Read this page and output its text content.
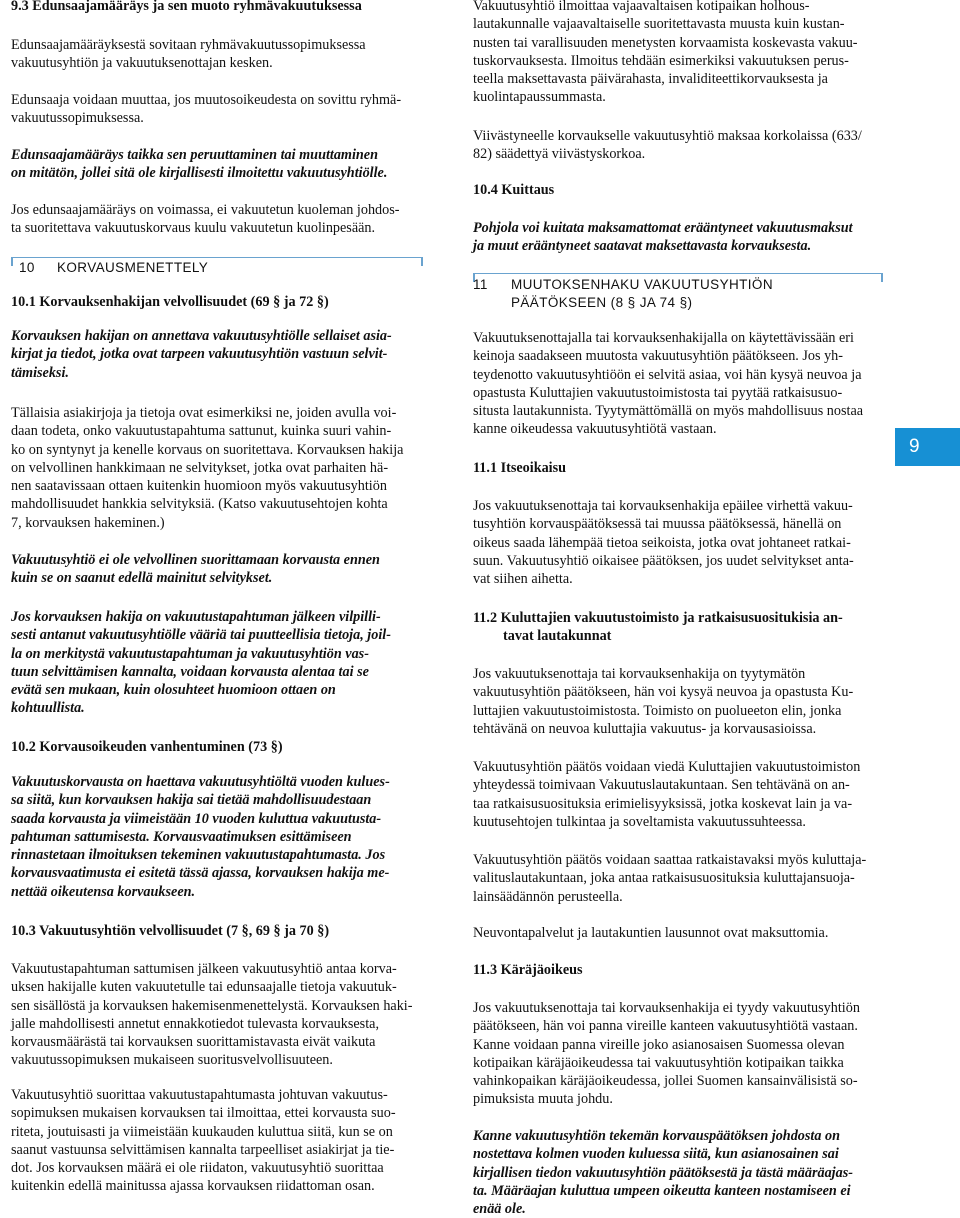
9.3 Edunsaajamääräys ja sen muoto ryhmävakuutuksessa

Edunsaajamääräyksestä sovitaan ryhmävakuutussopimuksessa
vakuutusyhtiön ja vakuutuksenottajan kesken.

Edunsaaja voidaan muuttaa, jos muutosoikeudesta on sovittu ryhmä-
vakuutussopimuksessa.

Edunsaajamääräys taikka sen peruuttaminen tai muuttaminen
on mitätön, jollei sitä ole kirjallisesti ilmoitettu vakuutusyhtiölle.

Jos edunsaajamääräys on voimassa, ei vakuutetun kuoleman johdos-
ta suoritettava vakuutuskorvaus kuulu vakuutetun kuolinpesään.

10 KORVAUSMENETTELY

10.1 Korvauksenhakijan velvollisuudet (69 § ja 72 §)

Korvauksen hakijan on annettava vakuutusyhtiölle sellaiset asia-
kirjat ja tiedot, jotka ovat tarpeen vakuutusyhtiön vastuun selvit-
tämiseksi.

Tällaisia asiakirjoja ja tietoja ovat esimerkiksi ne, joiden avulla voi-
daan todeta, onko vakuutustapahtuma sattunut, kuinka suuri vahin-
ko on syntynyt ja kenelle korvaus on suoritettava. Korvauksen hakija
on velvollinen hankkimaan ne selvitykset, jotka ovat parhaiten hä-
nen saatavissaan ottaen kuitenkin huomioon myös vakuutusyhtiön
mahdollisuudet hankkia selvityksiä. (Katso vakuutusehtojen kohta
7, korvauksen hakeminen.)

Vakuutusyhtiö ei ole velvollinen suorittamaan korvausta ennen
kuin se on saanut edellä mainitut selvitykset.

Jos korvauksen hakija on vakuutustapahtuman jälkeen vilpilli-
sesti antanut vakuutusyhtiölle vääriä tai puutteellisia tietoja, joil-
la on merkitystä vakuutustapahtuman ja vakuutusyhtiön vas-
tuun selvittämisen kannalta, voidaan korvausta alentaa tai se
evätä sen mukaan, kuin olosuhteet huomioon ottaen on
kohtuullista.

10.2 Korvausoikeuden vanhentuminen (73 §)

Vakuutuskorvausta on haettava vakuutusyhtiöltä vuoden kulues-
sa siitä, kun korvauksen hakija sai tietää mahdollisuudestaan
saada korvausta ja viimeistään 10 vuoden kuluttua vakuutusta-
pahtuman sattumisesta. Korvausvaatimuksen esittämiseen
rinnastetaan ilmoituksen tekeminen vakuutustapahtumasta. Jos
korvausvaatimusta ei esitetä tässä ajassa, korvauksen hakija me-
nettää oikeutensa korvaukseen.

10.3 Vakuutusyhtiön velvollisuudet (7 §, 69 § ja 70 §)

Vakuutustapahtuman sattumisen jälkeen vakuutusyhtiö antaa korva-
uksen hakijalle kuten vakuutetulle tai edunsaajalle tietoja vakuutuk-
sen sisällöstä ja korvauksen hakemisenmenettelystä. Korvauksen haki-
jalle mahdollisesti annetut ennakkotiedot tulevasta korvauksesta,
korvausmäärästä tai korvauksen suorittamistavasta eivät vaikuta
vakuutussopimuksen mukaiseen suoritusvelvollisuuteen.

Vakuutusyhtiö suorittaa vakuutustapahtumasta johtuvan vakuutus-
sopimuksen mukaisen korvauksen tai ilmoittaa, ettei korvausta suo-
riteta, joutuisasti ja viimeistään kuukauden kuluttua siitä, kun se on
saanut vastuunsa selvittämisen kannalta tarpeelliset asiakirjat ja tie-
dot. Jos korvauksen määrä ei ole riidaton, vakuutusyhtiö suorittaa
kuitenkin edellä mainitussa ajassa korvauksen riidattoman osan.

Vakuutusyhtiö ilmoittaa vajaavaltaisen kotipaikan holhous-
lautakunnalle vajaavaltaiselle suoritettavasta muusta kuin kustan-
nusten tai varallisuuden menetysten korvaamista koskevasta vakuu-
tuskorvauksesta. Ilmoitus tehdään esimerkiksi vakuutuksen perus-
teella maksettavasta päivärahasta, invaliditeettikorvauksesta ja
kuolintapaussummasta.

Viivästyneelle korvaukselle vakuutusyhtiö maksaa korkolaissa (633/
82) säädettyä viivästyskorkoa.

10.4 Kuittaus

Pohjola voi kuitata maksamattomat erääntyneet vakuutusmaksut
ja muut erääntyneet saatavat maksettavasta korvauksesta.

11 MUUTOKSENHAKU VAKUUTUSYHTIÖN
PÄÄTÖKSEEN (8 § JA 74 §)

Vakuutuksenottajalla tai korvauksenhakijalla on käytettävissään eri
keinoja saadakseen muutosta vakuutusyhtiön päätökseen. Jos yh-
teydenotto vakuutusyhtiöön ei selvitä asiaa, voi hän kysyä neuvoa ja
opastusta Kuluttajien vakuutustoimistosta tai pyytää ratkaisusuo-
situsta lautakunnista. Tyytymättömällä on myös mahdollisuus nostaa
kanne oikeudessa vakuutusyhtiötä vastaan.

11.1 Itseoikaisu

Jos vakuutuksenottaja tai korvauksenhakija epäilee virhettä vakuu-
tusyhtiön korvauspäätöksessä tai muussa päätöksessä, hänellä on
oikeus saada lähempää tietoa seikoista, jotka ovat johtaneet ratkai-
suun. Vakuutusyhtiö oikaisee päätöksen, jos uudet selvitykset anta-
vat siihen aihetta.

11.2 Kuluttajien vakuutustoimisto ja ratkaisusuositukisia an-

tavat lautakunnat

Jos vakuutuksenottaja tai korvauksenhakija on tyytymätön
vakuutusyhtiön päätökseen, hän voi kysyä neuvoa ja opastusta Ku-
luttajien vakuutustoimistosta. Toimisto on puolueeton elin, jonka
tehtävänä on neuvoa kuluttajia vakuutus- ja korvausasioissa.

Vakuutusyhtiön päätös voidaan viedä Kuluttajien vakuutustoimiston
yhteydessä toimivaan Vakuutuslautakuntaan. Sen tehtävänä on an-
taa ratkaisusuosituksia erimielisyyksissä, jotka koskevat lain ja va-
kuutusehtojen tulkintaa ja soveltamista vakuutussuhteessa.

Vakuutusyhtiön päätös voidaan saattaa ratkaistavaksi myös kuluttaja-
valituslautakuntaan, joka antaa ratkaisusuosituksia kuluttajansuoja-
lainsäädännön perusteella.

Neuvontapalvelut ja lautakuntien lausunnot ovat maksuttomia.

11.3 Käräjäoikeus

Jos vakuutuksenottaja tai korvauksenhakija ei tyydy vakuutusyhtiön
päätökseen, hän voi panna vireille kanteen vakuutusyhtiötä vastaan.
Kanne voidaan panna vireille joko asianosaisen Suomessa olevan
kotipaikan käräjäoikeudessa tai vakuutusyhtiön kotipaikan taikka
vahinkopaikan käräjäoikeudessa, jollei Suomen kansainvälisistä so-
pimuksista muuta johdu.

Kanne vakuutusyhtiön tekemän korvauspäätöksen johdosta on
nostettava kolmen vuoden kuluessa siitä, kun asianosainen sai
kirjallisen tiedon vakuutusyhtiön päätöksestä ja tästä määräajas-
ta. Määräajan kuluttua umpeen oikeutta kanteen nostamiseen ei
enää ole.

9
